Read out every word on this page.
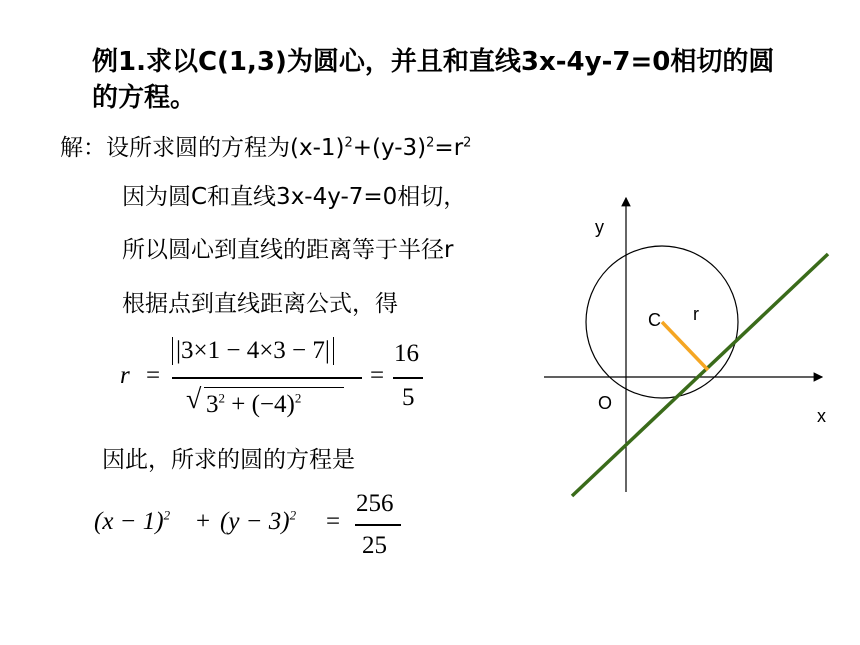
例1.求以C(1,3)为圆心，并且和直线3x-4y-7=0相切的圆
的方程。
解：设所求圆的方程为$(x-1)^2+(y-3)^2=r^2$
因为圆C和直线3x-4y-7=0相切，
所以圆心到直线的距离等于半径r
根据点到直线距离公式，得
r =
|3×1 − 4×3 − 7|
√ $3^2 + (-4)^2$
=
16
5
因此，所求的圆的方程是
$(x - 1)^2 + (y - 3)^2$ =
256
25
y
x
O
C r
